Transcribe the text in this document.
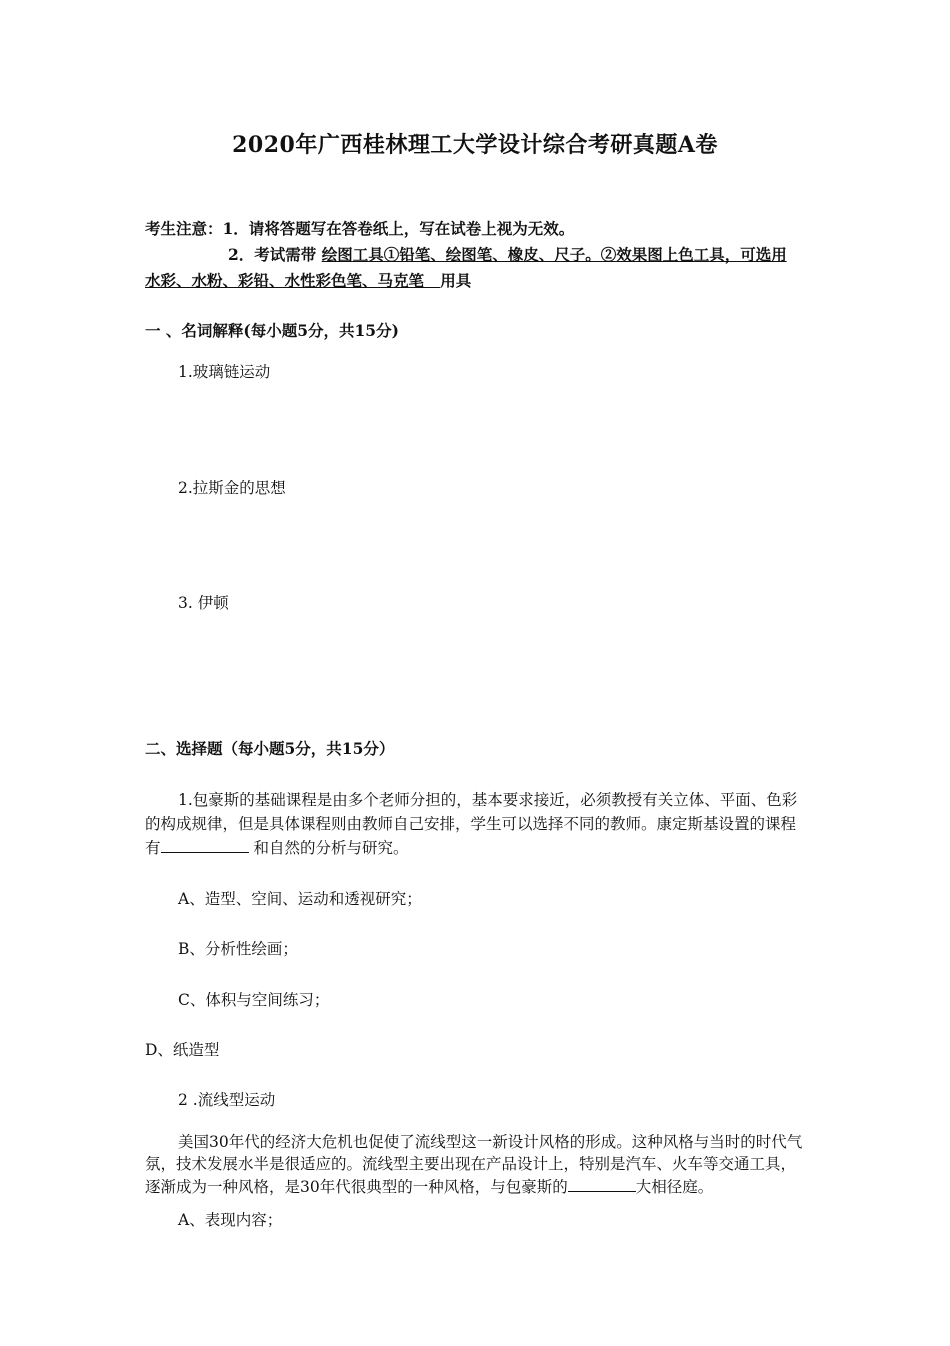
2020年广西桂林理工大学设计综合考研真题A卷
考生注意：1．请将答题写在答卷纸上，写在试卷上视为无效。
2．考试需带 绘图工具①铅笔、绘图笔、橡皮、尺子。②效果图上色工具，可选用
水彩、水粉、彩铅、水性彩色笔、马克笔   用具
一 、名词解释(每小题5分，共15分)
1.玻璃链运动
2.拉斯金的思想
3. 伊顿
二、选择题（每小题5分，共15分）
1.包豪斯的基础课程是由多个老师分担的，基本要求接近，必须教授有关立体、平面、色彩的构成规律，但是具体课程则由教师自己安排，学生可以选择不同的教师。康定斯基设置的课程有	和自然的分析与研究。
A、造型、空间、运动和透视研究；
B、分析性绘画；
C、体积与空间练习；
D、纸造型
2 .流线型运动
美国30年代的经济大危机也促使了流线型这一新设计风格的形成。这种风格与当时的时代气氛，技术发展水半是很适应的。流线型主要出现在产品设计上，特别是汽车、火车等交通工具，逐渐成为一种风格，是30年代很典型的一种风格，与包豪斯的	大相径庭。
A、表现内容；
